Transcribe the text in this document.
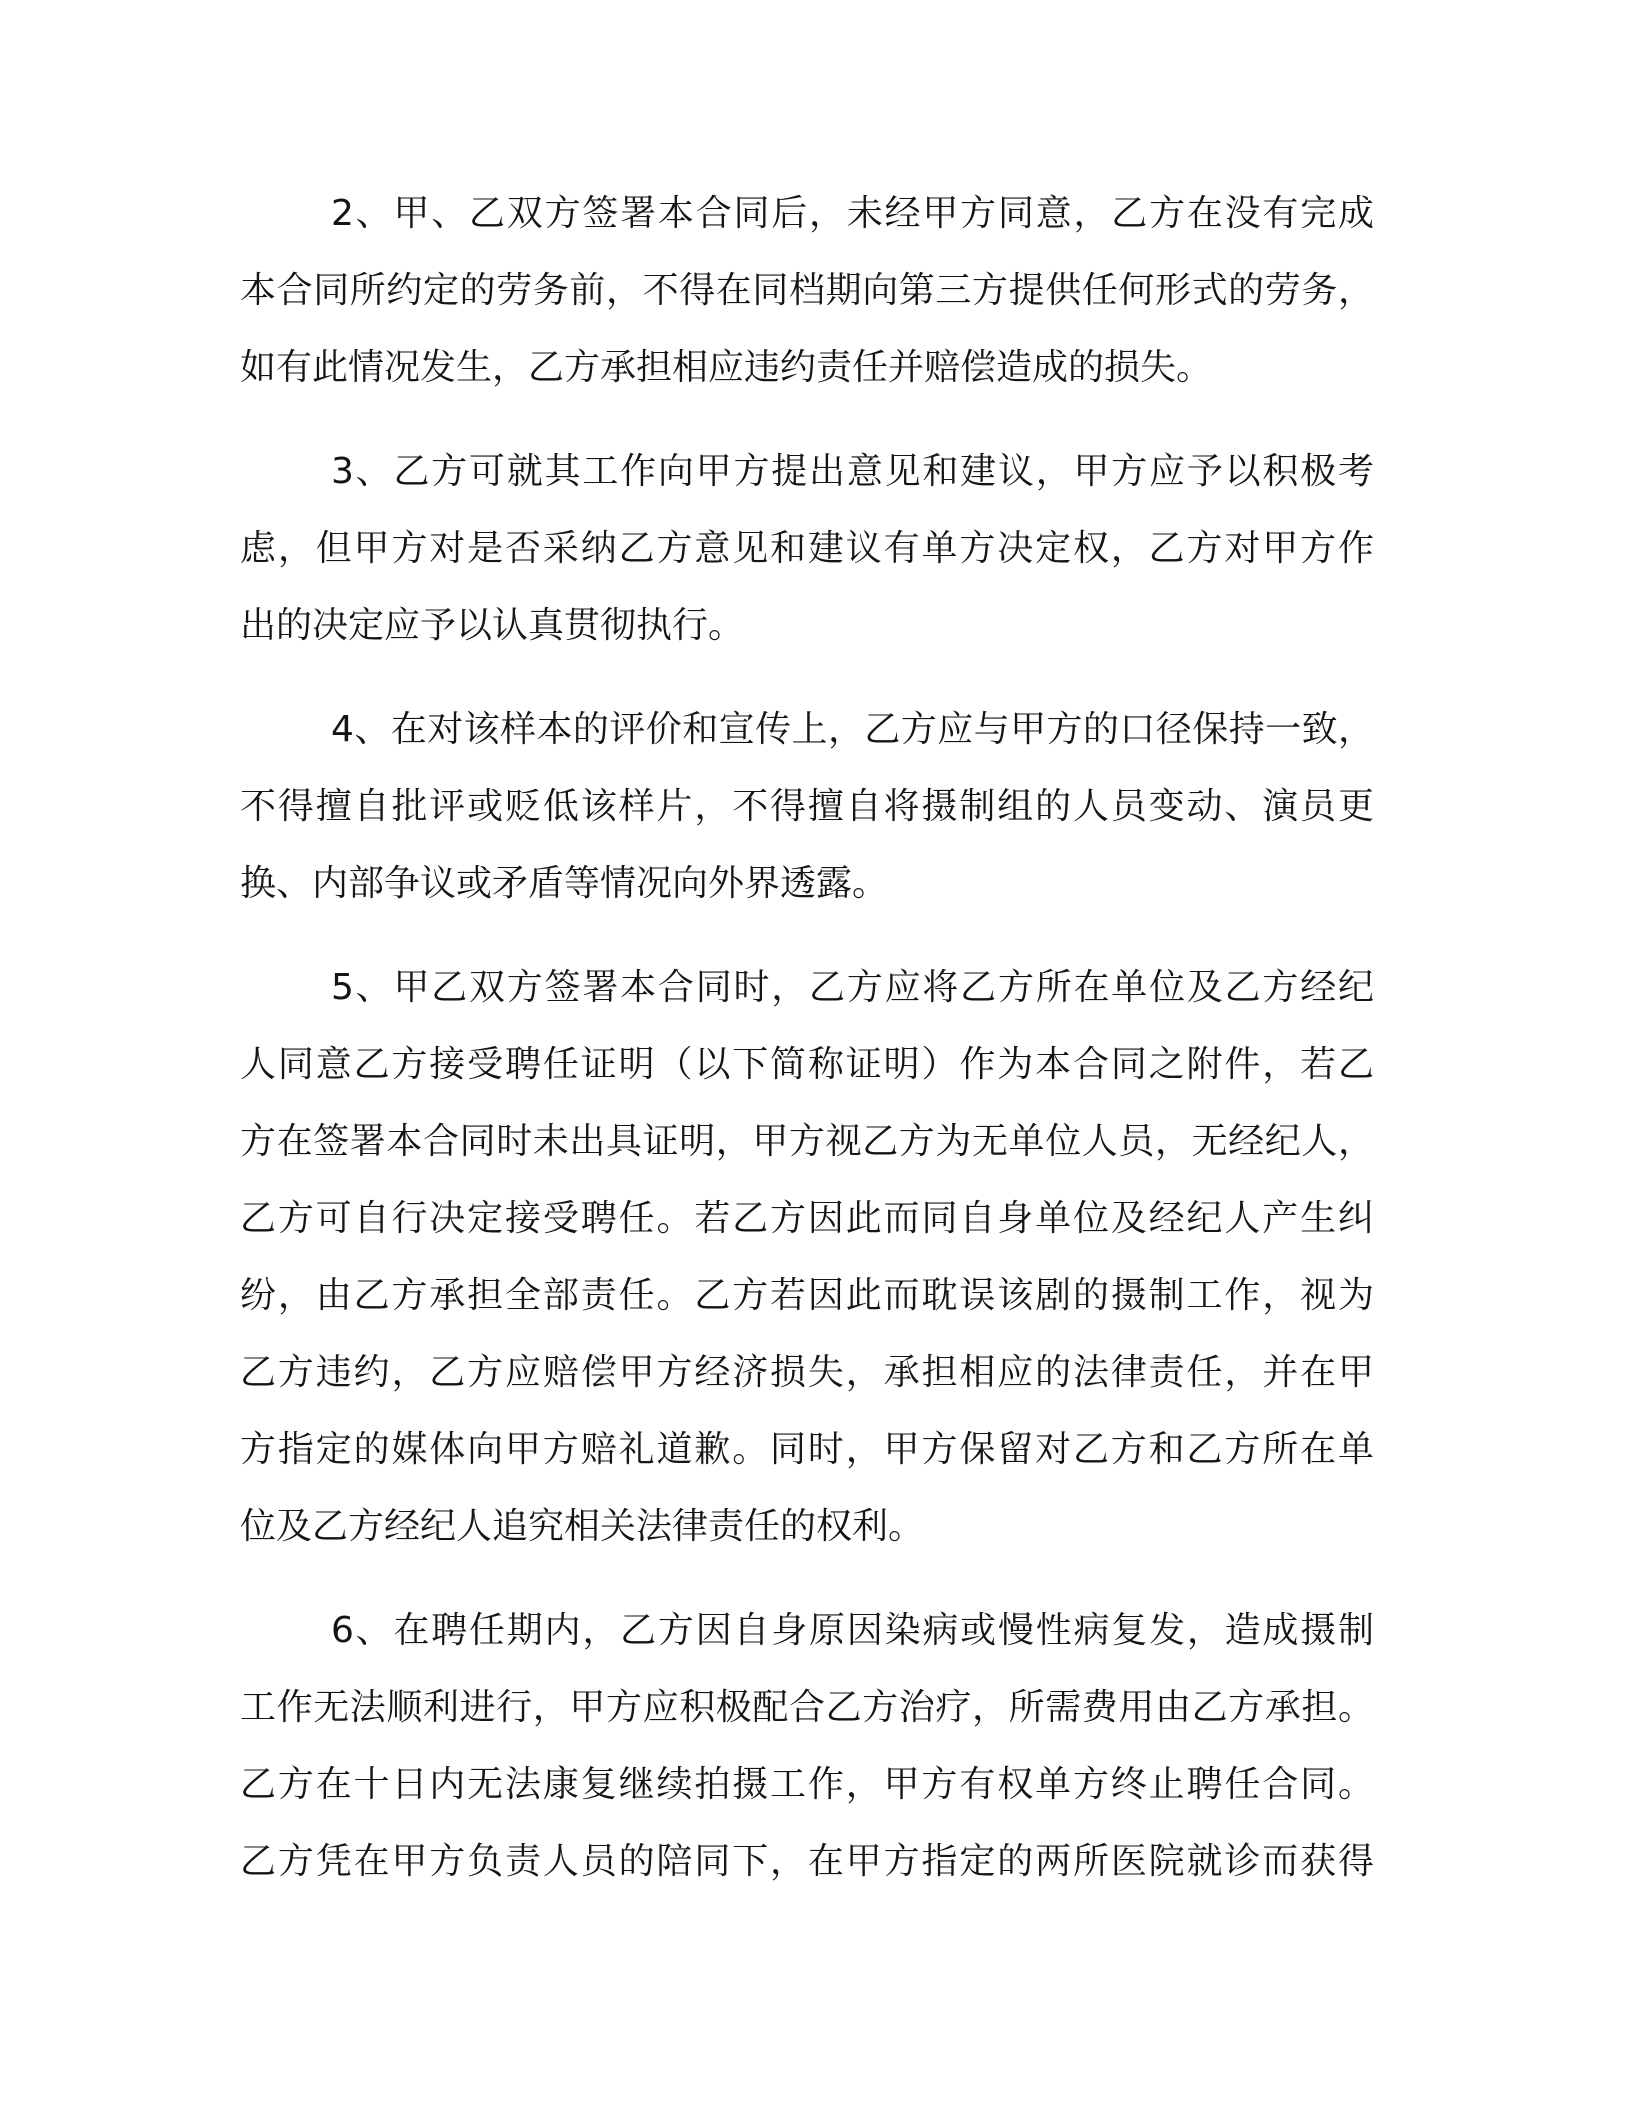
2、甲、乙双方签署本合同后，未经甲方同意，乙方在没有完成
本合同所约定的劳务前，不得在同档期向第三方提供任何形式的劳务，
如有此情况发生，乙方承担相应违约责任并赔偿造成的损失。
3、乙方可就其工作向甲方提出意见和建议，甲方应予以积极考
虑，但甲方对是否采纳乙方意见和建议有单方决定权，乙方对甲方作
出的决定应予以认真贯彻执行。
4、在对该样本的评价和宣传上，乙方应与甲方的口径保持一致，
不得擅自批评或贬低该样片，不得擅自将摄制组的人员变动、演员更
换、内部争议或矛盾等情况向外界透露。
5、甲乙双方签署本合同时，乙方应将乙方所在单位及乙方经纪
人同意乙方接受聘任证明（以下简称证明）作为本合同之附件，若乙
方在签署本合同时未出具证明，甲方视乙方为无单位人员，无经纪人，
乙方可自行决定接受聘任。若乙方因此而同自身单位及经纪人产生纠
纷，由乙方承担全部责任。乙方若因此而耽误该剧的摄制工作，视为
乙方违约，乙方应赔偿甲方经济损失，承担相应的法律责任，并在甲
方指定的媒体向甲方赔礼道歉。同时，甲方保留对乙方和乙方所在单
位及乙方经纪人追究相关法律责任的权利。
6、在聘任期内，乙方因自身原因染病或慢性病复发，造成摄制
工作无法顺利进行，甲方应积极配合乙方治疗，所需费用由乙方承担。
乙方在十日内无法康复继续拍摄工作，甲方有权单方终止聘任合同。
乙方凭在甲方负责人员的陪同下，在甲方指定的两所医院就诊而获得
